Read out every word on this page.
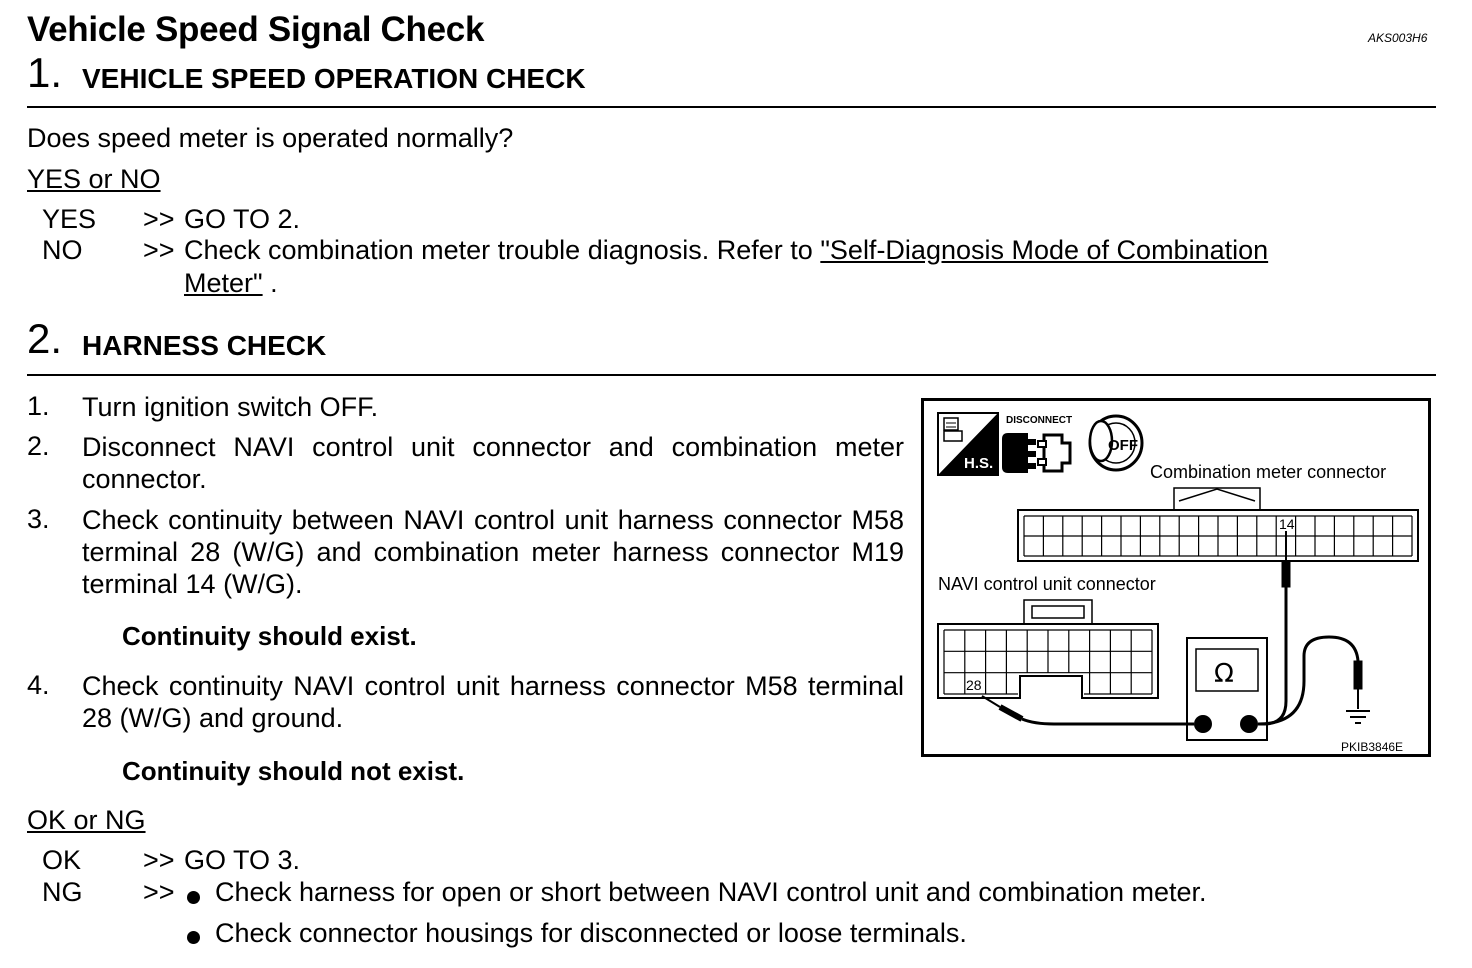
Vehicle Speed Signal Check	AKS003H6
1. VEHICLE SPEED OPERATION CHECK
Does speed meter is operated normally?
YES or NO
YES >> GO TO 2.
NO >> Check combination meter trouble diagnosis. Refer to "Self-Diagnosis Mode of Combination
Meter" .
2. HARNESS CHECK
1. Turn ignition switch OFF.
2. Disconnect NAVI control unit connector and combination meter connector.
3. Check continuity between NAVI control unit harness connector M58 terminal 28 (W/G) and combination meter harness connector M19 terminal 14 (W/G).
Continuity should exist.
4. Check continuity NAVI control unit harness connector M58 terminal 28 (W/G) and ground.
Continuity should not exist.
OK or NG
OK >> GO TO 3.
NG >> Check harness for open or short between NAVI control unit and combination meter.
Check connector housings for disconnected or loose terminals.
H.S.
DISCONNECT
OFF
Combination meter connector
14
NAVI control unit connector
28	Ω
PKIB3846E
